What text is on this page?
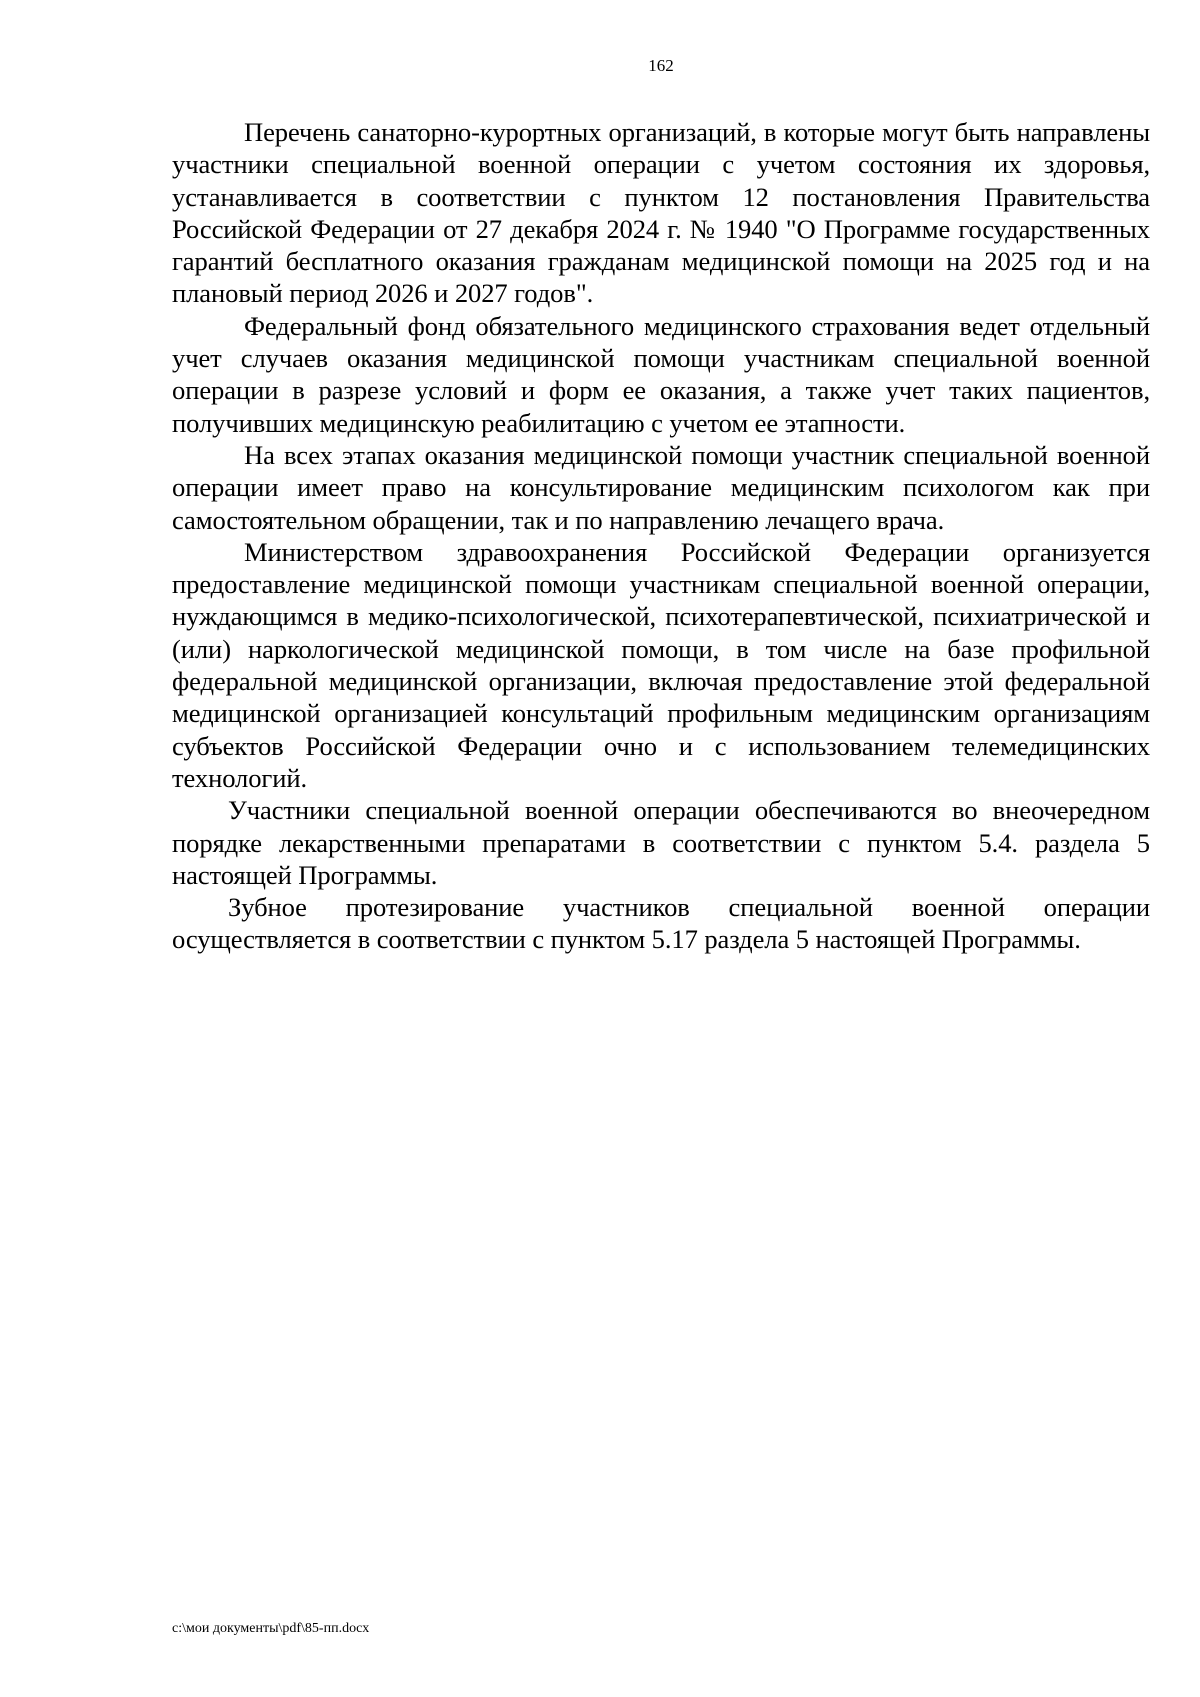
162

Перечень санаторно-курортных организаций, в которые могут быть направлены участники специальной военной операции с учетом состояния их здоровья, устанавливается в соответствии с пунктом 12 постановления Правительства Российской Федерации от 27 декабря 2024 г. № 1940 "О Программе государственных гарантий бесплатного оказания гражданам медицинской помощи на 2025 год и на плановый период 2026 и 2027 годов".

Федеральный фонд обязательного медицинского страхования ведет отдельный учет случаев оказания медицинской помощи участникам специальной военной операции в разрезе условий и форм ее оказания, а также учет таких пациентов, получивших медицинскую реабилитацию с учетом ее этапности.

На всех этапах оказания медицинской помощи участник специальной военной операции имеет право на консультирование медицинским психологом как при самостоятельном обращении, так и по направлению лечащего врача.

Министерством здравоохранения Российской Федерации организуется предоставление медицинской помощи участникам специальной военной операции, нуждающимся в медико-психологической, психотерапевтической, психиатрической и (или) наркологической медицинской помощи, в том числе на базе профильной федеральной медицинской организации, включая предоставление этой федеральной медицинской организацией консультаций профильным медицинским организациям субъектов Российской Федерации очно и с использованием телемедицинских технологий.

Участники специальной военной операции обеспечиваются во внеочередном порядке лекарственными препаратами в соответствии с пунктом 5.4. раздела 5 настоящей Программы.

Зубное протезирование участников специальной военной операции осуществляется в соответствии с пунктом 5.17 раздела 5 настоящей Программы.

c:\мои документы\pdf\85-пп.docx
